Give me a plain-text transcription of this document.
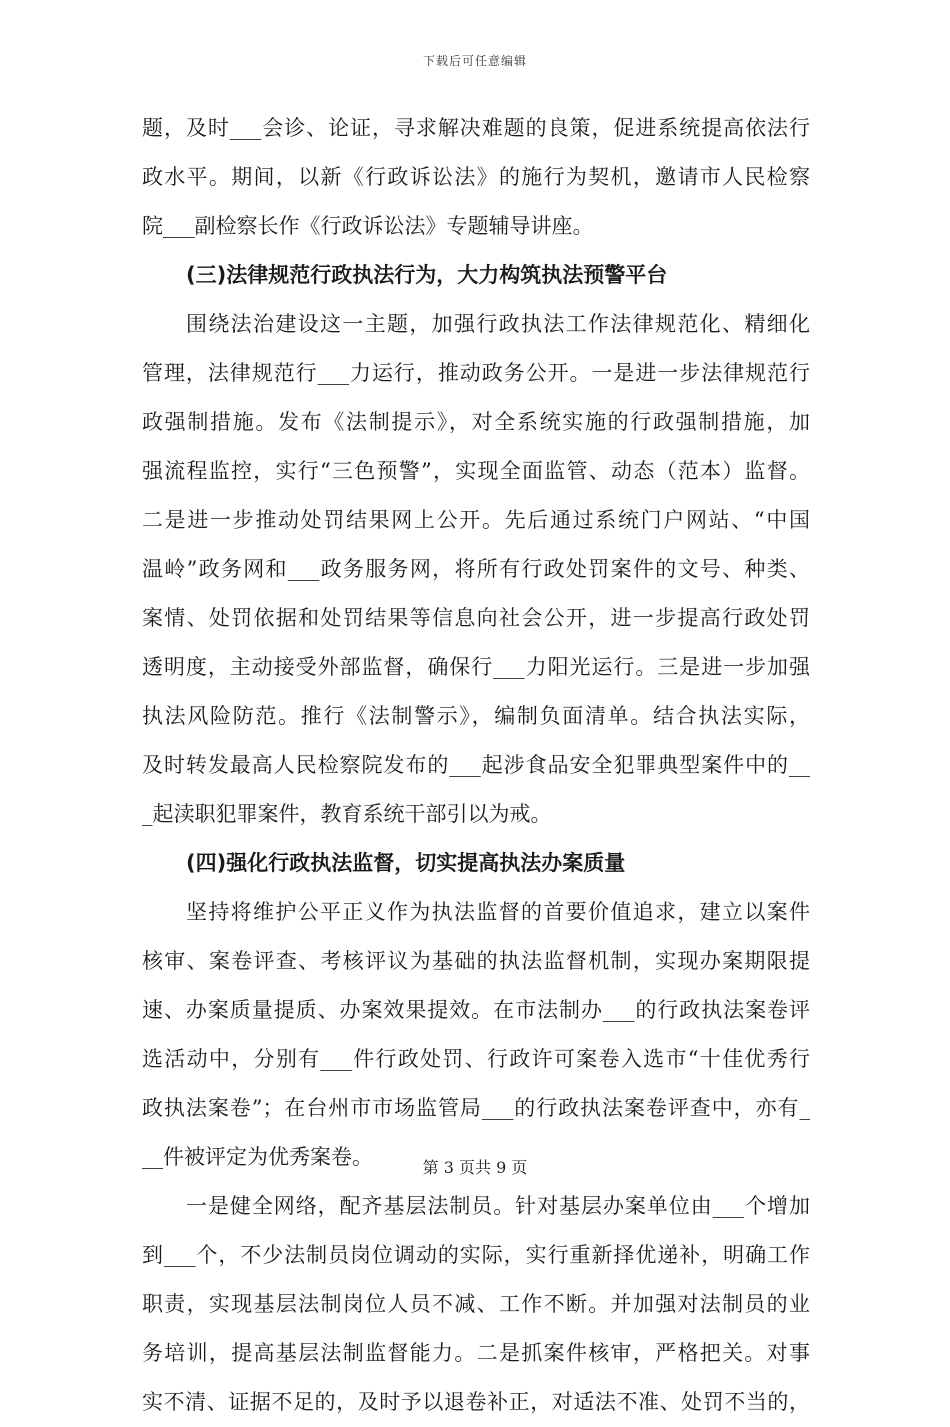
下载后可任意编辑
题，及时___会诊、论证，寻求解决难题的良策，促进系统提高依法行
政水平。期间，以新《行政诉讼法》的施行为契机，邀请市人民检察
院___副检察长作《行政诉讼法》专题辅导讲座。
(三)法律规范行政执法行为，大力构筑执法预警平台
围绕法治建设这一主题，加强行政执法工作法律规范化、精细化
管理，法律规范行___力运行，推动政务公开。一是进一步法律规范行
政强制措施。发布《法制提示》，对全系统实施的行政强制措施，加
强流程监控，实行“三色预警”，实现全面监管、动态（范本）监督。
二是进一步推动处罚结果网上公开。先后通过系统门户网站、“中国
温岭”政务网和___政务服务网，将所有行政处罚案件的文号、种类、
案情、处罚依据和处罚结果等信息向社会公开，进一步提高行政处罚
透明度，主动接受外部监督，确保行___力阳光运行。三是进一步加强
执法风险防范。推行《法制警示》，编制负面清单。结合执法实际，
及时转发最高人民检察院发布的___起涉食品安全犯罪典型案件中的__
_起渎职犯罪案件，教育系统干部引以为戒。
(四)强化行政执法监督，切实提高执法办案质量
坚持将维护公平正义作为执法监督的首要价值追求，建立以案件
核审、案卷评查、考核评议为基础的执法监督机制，实现办案期限提
速、办案质量提质、办案效果提效。在市法制办___的行政执法案卷评
选活动中，分别有___件行政处罚、行政许可案卷入选市“十佳优秀行
政执法案卷”；在台州市市场监管局___的行政执法案卷评查中，亦有_
__件被评定为优秀案卷。
一是健全网络，配齐基层法制员。针对基层办案单位由___个增加
到___个，不少法制员岗位调动的实际，实行重新择优递补，明确工作
职责，实现基层法制岗位人员不减、工作不断。并加强对法制员的业
务培训，提高基层法制监督能力。二是抓案件核审，严格把关。对事
实不清、证据不足的，及时予以退卷补正，对适法不准、处罚不当的，
第 3 页共 9 页
